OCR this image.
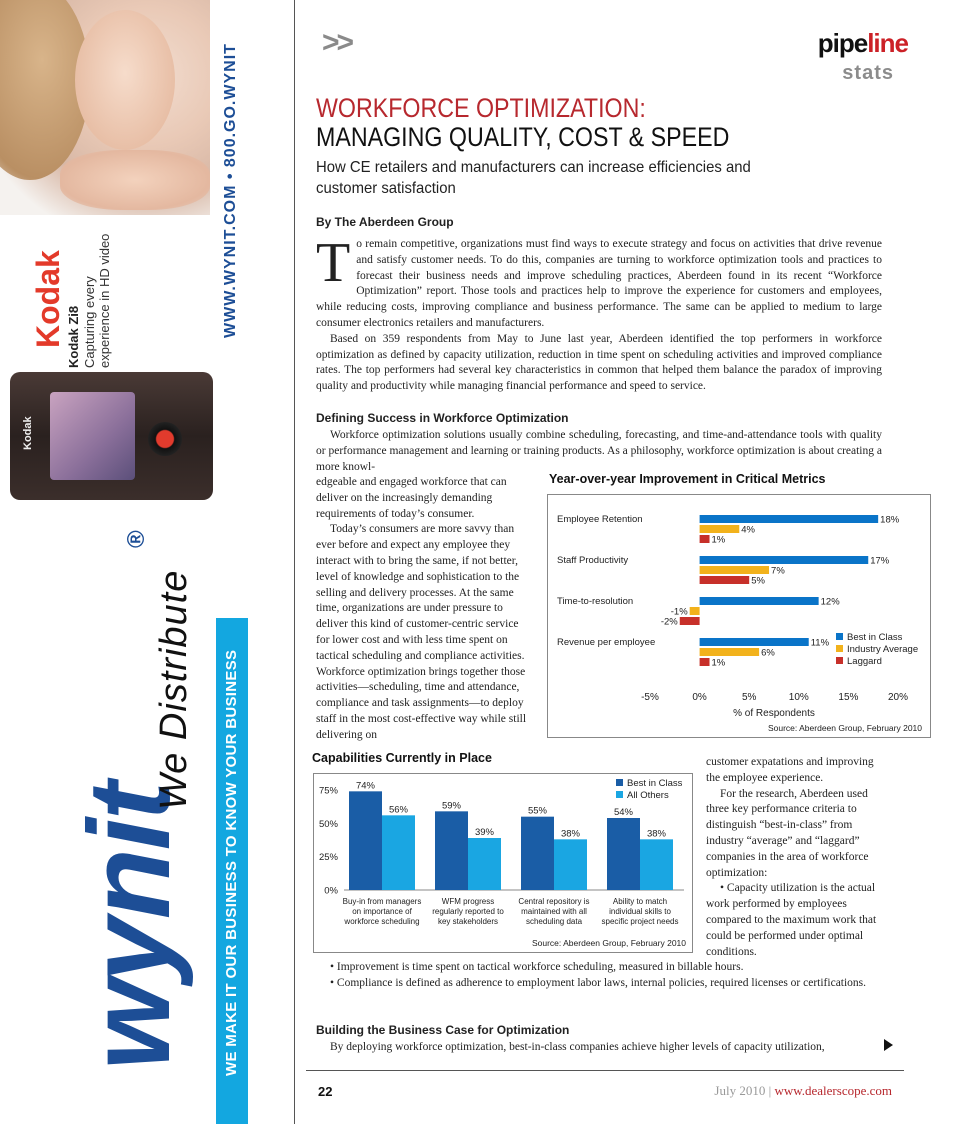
Kodak Kodak Zi8 Capturing every experience in HD video
Kodak
WWW.WYNIT.COM • 800.GO.WYNIT
wynit
®
We Distribute WE MAKE IT OUR BUSINESS TO KNOW YOUR BUSINESS
>>	pipeline
stats
WORKFORCE OPTIMIZATION:
MANAGING QUALITY, COST & SPEED
How CE retailers and manufacturers can increase efficiencies and customer satisfaction
By The Aberdeen Group
T o remain competitive, organizations must find ways to execute strategy and focus on activities that drive revenue and satisfy customer needs. To do this, companies are turning to workforce optimization tools and practices to forecast their business needs and improve scheduling practices, Aberdeen found in its recent “Workforce Optimization” report. Those tools and practices help to improve the experience for customers and employees, while reducing costs, improving compliance and business performance. The same can be applied to medium to large consumer electronics retailers and manufacturers.

Based on 359 respondents from May to June last year, Aberdeen identified the top performers in workforce optimization as defined by capacity utilization, reduction in time spent on scheduling activities and improved compliance rates. The top performers had several key characteristics in common that helped them balance the paradox of improving quality and productivity while managing financial performance and speed to service.

Defining Success in Workforce Optimization
Workforce optimization solutions usually combine scheduling, forecasting, and time-and-attendance tools with quality or performance management and learning or training products. As a philosophy, workforce optimization is about creating a more knowl-

edgeable and engaged workforce that can deliver on the increasingly demanding requirements of today’s consumer.

Today’s consumers are more savvy than ever before and expect any employee they interact with to bring the same, if not better, level of knowledge and sophistication to the selling and delivery processes. At the same time, organizations are under pressure to deliver this kind of customer-centric service for lower cost and with less time spent on tactical scheduling and compliance activities. Workforce optimization brings together those activities—scheduling, time and attendance, compliance and task assignments—to deploy staff in the most cost-effective way while still delivering on

Year-over-year Improvement in Critical Metrics
Employee Retention	18%
4%
1%
Staff Productivity	17%
7%
5%
Time-to-resolution	12%
-1%
-2%
Revenue per employee	11%
6%
1%
-5%	0%	5%	10%	15%	20%
% of Respondents
Source: Aberdeen Group, February 2010
Best in Class
Industry Average
Laggard
Capabilities Currently in Place
0%
25%
50%
75% 74%
56%
Buy-in from managers
on importance of
workforce scheduling
59%
39%
WFM progress
regularly reported to
key stakeholders
55%
38%
Central repository is
maintained with all
scheduling data
54%
38%
Ability to match
individual skills to
specific project needs
Best in Class
All Others
Source: Aberdeen Group, February 2010

customer expatations and improving the employee experience.

For the research, Aberdeen used three key performance criteria to distinguish “best-in-class” from industry “average” and “laggard” companies in the area of workforce optimization:

• Capacity utilization is the actual work performed by employees compared to the maximum work that could be performed under optimal conditions.

• Improvement is time spent on tactical workforce scheduling, measured in billable hours.

• Compliance is defined as adherence to employment labor laws, internal policies, required licenses or certifications.

Building the Business Case for Optimization
By deploying workforce optimization, best-in-class companies achieve higher levels of capacity utilization,
22	July 2010 | www.dealerscope.com
